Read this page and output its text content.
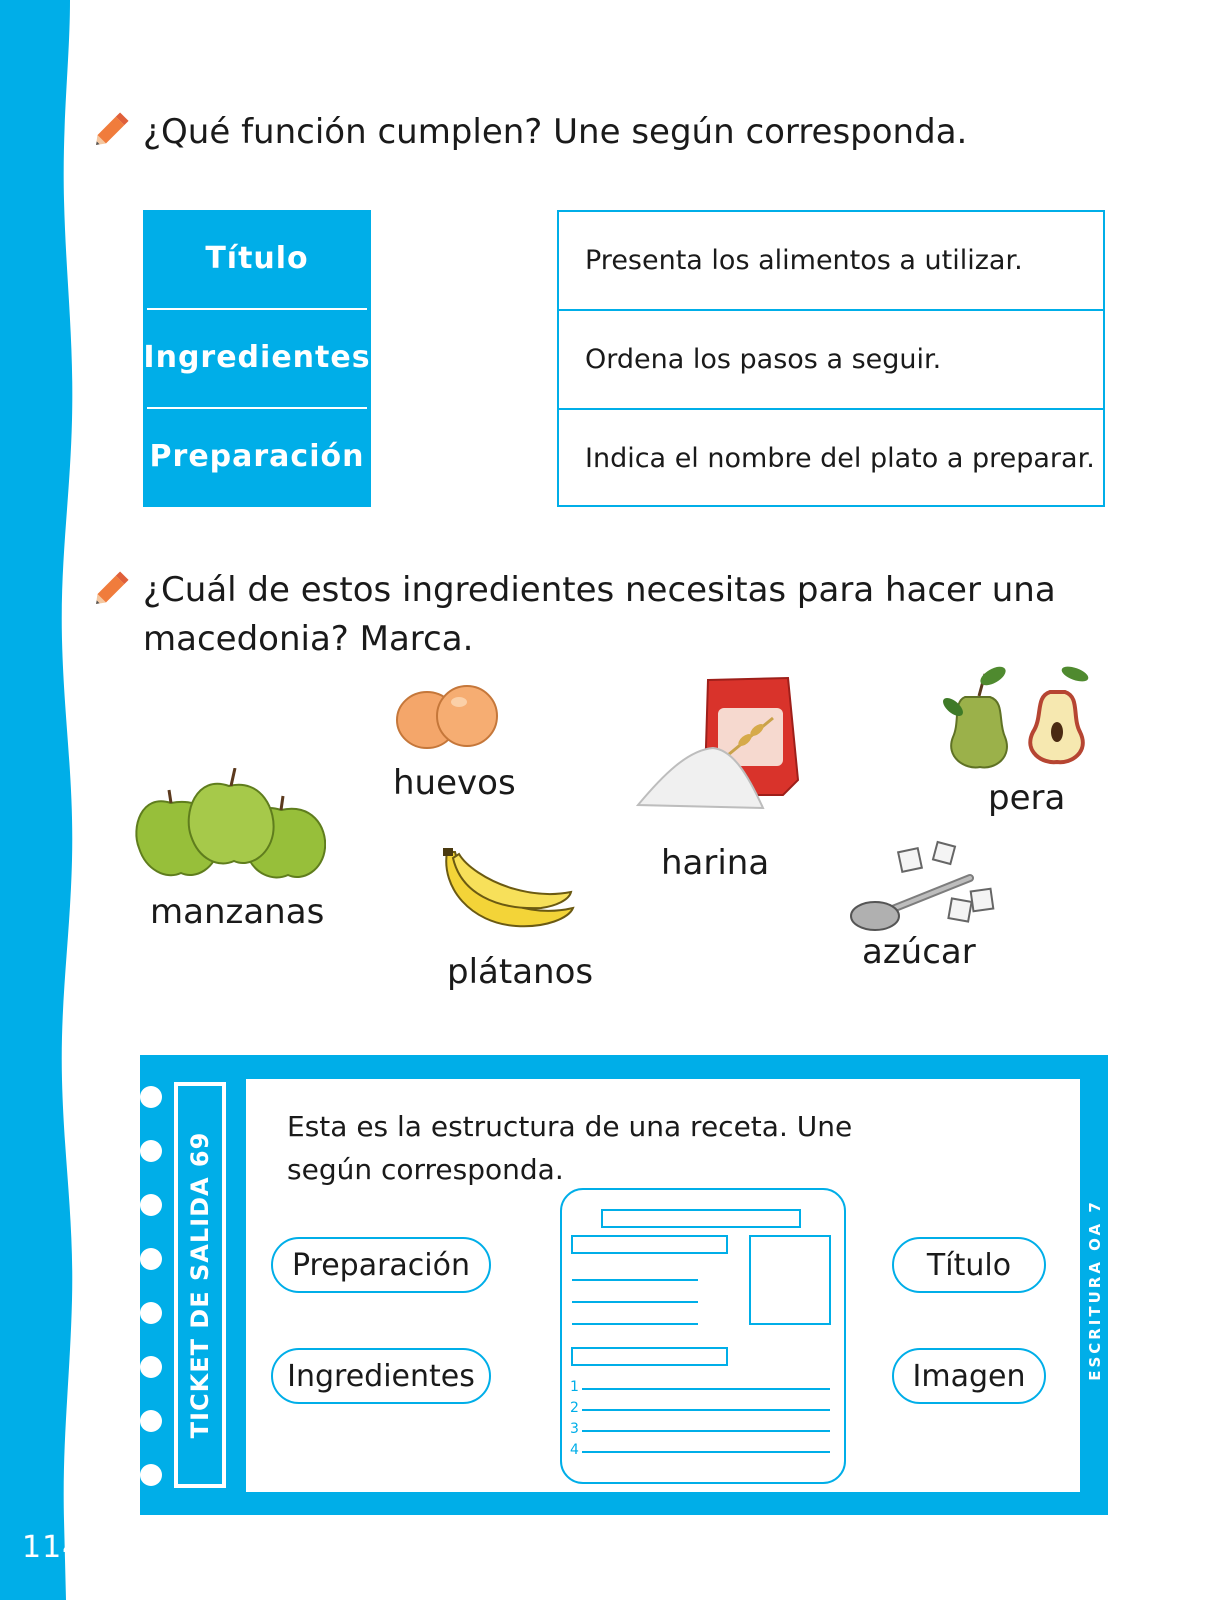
114
¿Qué función cumplen? Une según corresponda.
Título
Ingredientes
Preparación
Presenta los alimentos a utilizar.
Ordena los pasos a seguir.
Indica el nombre del plato a preparar.
¿Cuál de estos ingredientes necesitas para hacer una
macedonia? Marca.
huevos
harina
pera
manzanas
plátanos	azúcar
TICKET DE SALIDA 69	ESCRITURA OA 7
Esta es la estructura de una receta. Une según corresponda.
Preparación
Ingredientes
Título
Imagen
1
2
3
4
